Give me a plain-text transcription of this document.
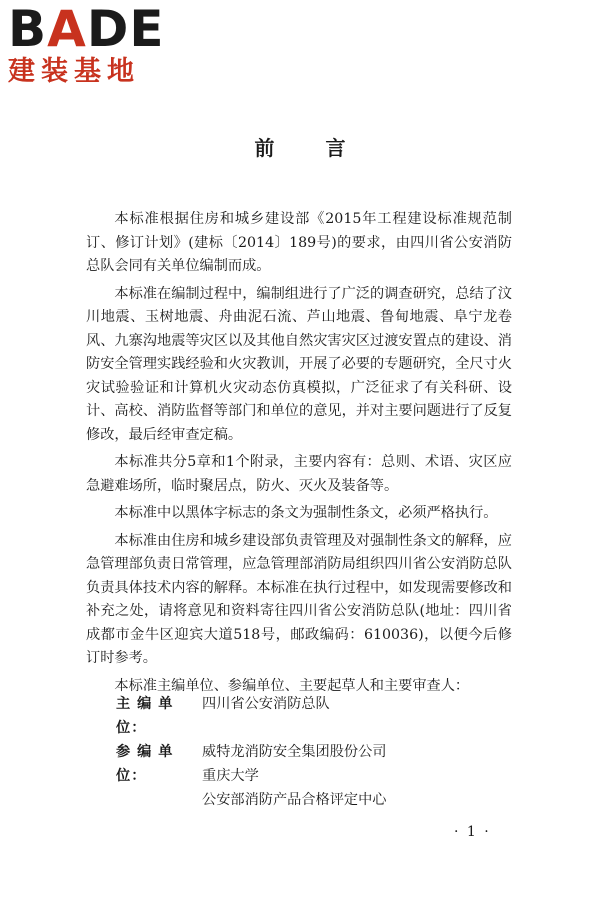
BADE
建装基地
前 言

本标准根据住房和城乡建设部《2015年工程建设标准规范制订、修订计划》(建标〔2014〕189号)的要求，由四川省公安消防总队会同有关单位编制而成。

本标准在编制过程中，编制组进行了广泛的调查研究，总结了汶川地震、玉树地震、舟曲泥石流、芦山地震、鲁甸地震、阜宁龙卷风、九寨沟地震等灾区以及其他自然灾害灾区过渡安置点的建设、消防安全管理实践经验和火灾教训，开展了必要的专题研究，全尺寸火灾试验验证和计算机火灾动态仿真模拟，广泛征求了有关科研、设计、高校、消防监督等部门和单位的意见，并对主要问题进行了反复修改，最后经审查定稿。

本标准共分5章和1个附录，主要内容有：总则、术语、灾区应急避难场所，临时聚居点，防火、灭火及装备等。

本标准中以黑体字标志的条文为强制性条文，必须严格执行。

本标准由住房和城乡建设部负责管理及对强制性条文的解释，应急管理部负责日常管理，应急管理部消防局组织四川省公安消防总队负责具体技术内容的解释。本标准在执行过程中，如发现需要修改和补充之处，请将意见和资料寄往四川省公安消防总队(地址：四川省成都市金牛区迎宾大道518号，邮政编码：610036)，以便今后修订时参考。

本标准主编单位、参编单位、主要起草人和主要审查人：

主 编 单 位：
四川省公安消防总队
参 编 单 位：
威特龙消防安全集团股份公司
重庆大学
公安部消防产品合格评定中心
· 1 ·
